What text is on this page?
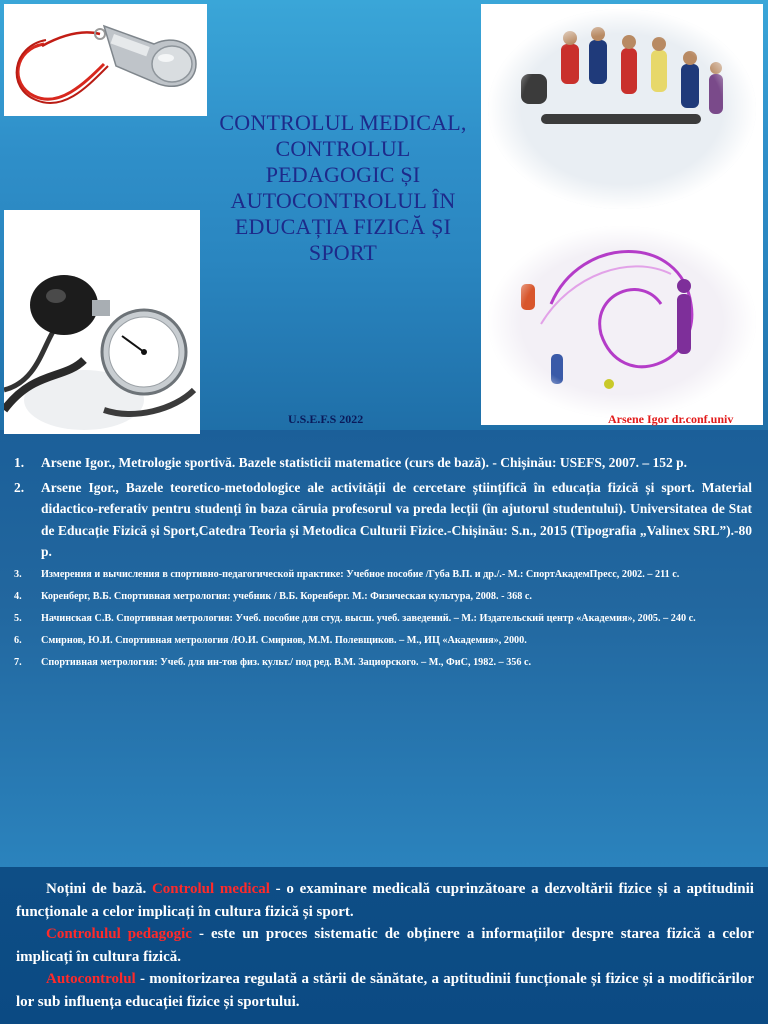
CONTROLUL MEDICAL,
CONTROLUL
PEDAGOGIC ȘI
AUTOCONTROLUL ÎN
EDUCAȚIA FIZICĂ ȘI
SPORT
U.S.E.F.S 2022	Arsene Igor dr.conf.univ
1. Arsene Igor., Metrologie sportivă. Bazele statisticii matematice (curs de bază). - Chișinău: USEFS, 2007. – 152 p.
2. Arsene Igor., Bazele teoretico-metodologice ale activității de cercetare științifică în educația fizică și sport. Material didactico-referativ pentru studenți în baza căruia profesorul va preda lecții (în ajutorul studentului). Universitatea de Stat de Educație Fizică și Sport,Catedra Teoria și Metodica Culturii Fizice.-Chișinău: S.n., 2015 (Tipografia „Valinex SRL”).-80 p.
3. Измерения и вычисления в спортивно-педагогической практике: Учебное пособие /Губа В.П. и др./.- М.: СпортАкадемПресс, 2002. – 211 с.
4. Коренберг, В.Б. Спортивная метрология: учебник / В.Б. Коренберг. М.: Физическая культура, 2008. - 368 с.
5. Начинская С.В. Спортивная метрология: Учеб. пособие для студ. высш. учеб. заведений. – М.: Издательский центр «Академия», 2005. – 240 с.
6. Смирнов, Ю.И. Спортивная метрология /Ю.И. Смирнов, М.М. Полевщиков. – М., ИЦ «Академия», 2000.
7. Спортивная метрология: Учеб. для ин-тов физ. культ./ под ред. В.М. Зациорского. – М., ФиС, 1982. – 356 с.

Noțini de bază. Controlul medical - o examinare medicală cuprinzătoare a dezvoltării fizice și a aptitudinii funcționale a celor implicați în cultura fizică și sport.

Controlulul pedagogic - este un proces sistematic de obținere a informațiilor despre starea fizică a celor implicați în cultura fizică.

Autocontrolul - monitorizarea regulată a stării de sănătate, a aptitudinii funcționale și fizice și a modificărilor lor sub influența educației fizice și sportului.
